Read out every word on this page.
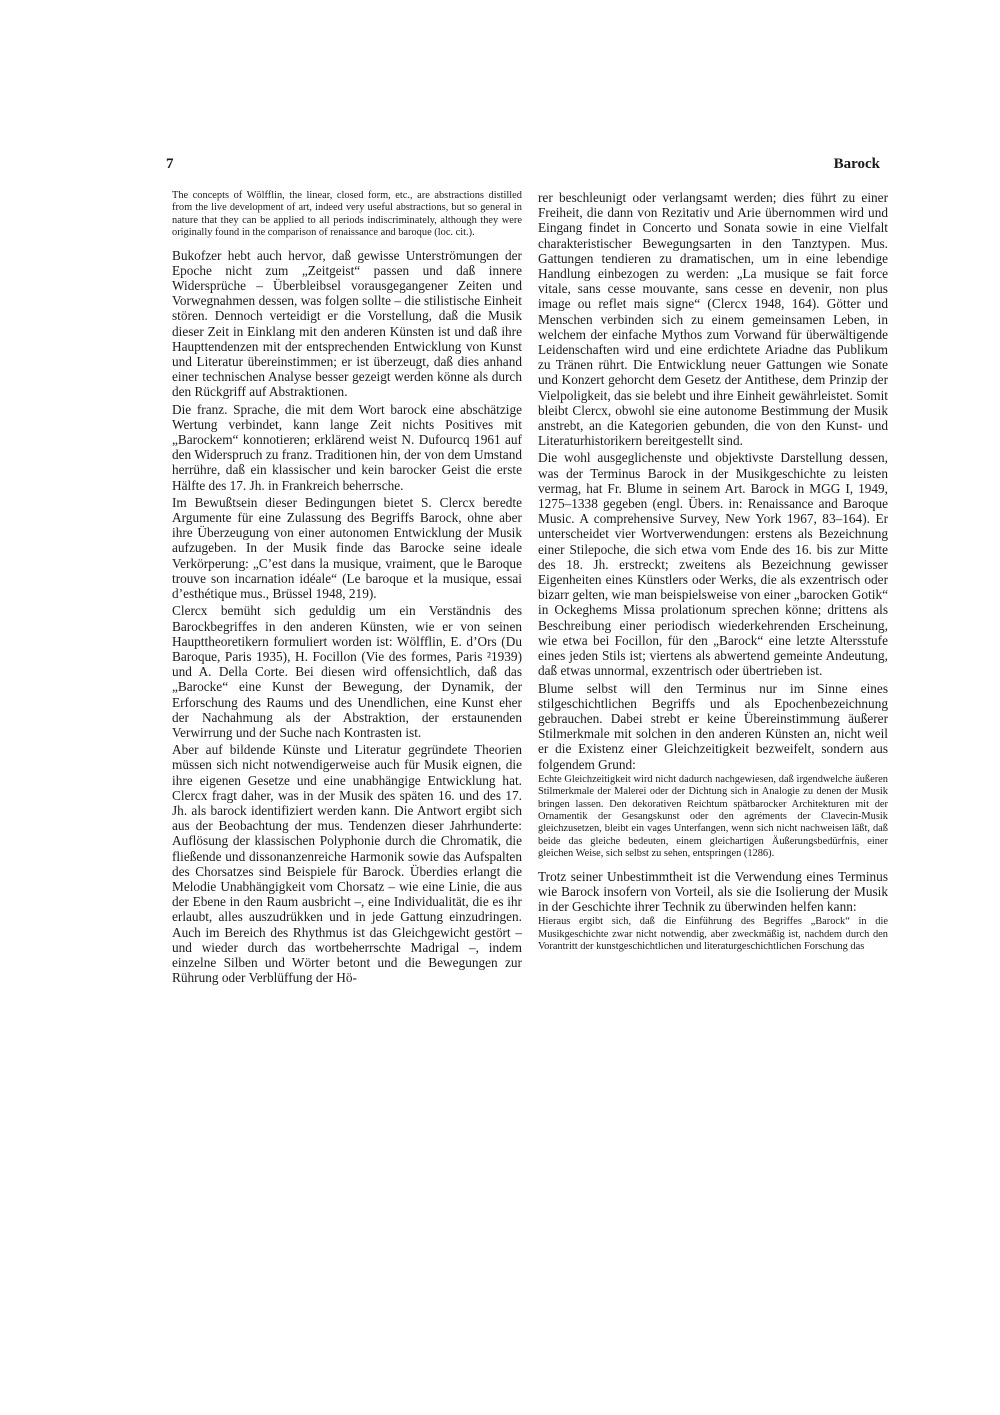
7	Barock

The concepts of Wölfflin, the linear, closed form, etc., are abstractions distilled from the live development of art, indeed very useful abstractions, but so general in nature that they can be applied to all periods indiscriminately, although they were originally found in the comparison of renaissance and baroque (loc. cit.).

Bukofzer hebt auch hervor, daß gewisse Unterströmungen der Epoche nicht zum „Zeitgeist“ passen und daß innere Widersprüche – Überbleibsel vorausgegangener Zeiten und Vorwegnahmen dessen, was folgen sollte – die stilistische Einheit stören. Dennoch verteidigt er die Vorstellung, daß die Musik dieser Zeit in Einklang mit den anderen Künsten ist und daß ihre Haupttendenzen mit der entsprechenden Entwicklung von Kunst und Literatur übereinstimmen; er ist überzeugt, daß dies anhand einer technischen Analyse besser gezeigt werden könne als durch den Rückgriff auf Abstraktionen.

Die franz. Sprache, die mit dem Wort barock eine abschätzige Wertung verbindet, kann lange Zeit nichts Positives mit „Barockem“ konnotieren; erklärend weist N. Dufourcq 1961 auf den Widerspruch zu franz. Traditionen hin, der von dem Umstand herrühre, daß ein klassischer und kein barocker Geist die erste Hälfte des 17. Jh. in Frankreich beherrsche.

Im Bewußtsein dieser Bedingungen bietet S. Clercx beredte Argumente für eine Zulassung des Begriffs Barock, ohne aber ihre Überzeugung von einer autonomen Entwicklung der Musik aufzugeben. In der Musik finde das Barocke seine ideale Verkörperung: „C’est dans la musique, vraiment, que le Baroque trouve son incarnation idéale“ (Le baroque et la musique, essai d’esthétique mus., Brüssel 1948, 219).

Clercx bemüht sich geduldig um ein Verständnis des Barockbegriffes in den anderen Künsten, wie er von seinen Haupttheoretikern formuliert worden ist: Wölfflin, E. d’Ors (Du Baroque, Paris 1935), H. Focillon (Vie des formes, Paris ²1939) und A. Della Corte. Bei diesen wird offensichtlich, daß das „Barocke“ eine Kunst der Bewegung, der Dynamik, der Erforschung des Raums und des Unendlichen, eine Kunst eher der Nachahmung als der Abstraktion, der erstaunenden Verwirrung und der Suche nach Kontrasten ist.

Aber auf bildende Künste und Literatur gegründete Theorien müssen sich nicht notwendigerweise auch für Musik eignen, die ihre eigenen Gesetze und eine unabhängige Entwicklung hat. Clercx fragt daher, was in der Musik des späten 16. und des 17. Jh. als barock identifiziert werden kann. Die Antwort ergibt sich aus der Beobachtung der mus. Tendenzen dieser Jahrhunderte: Auflösung der klassischen Polyphonie durch die Chromatik, die fließende und dissonanzenreiche Harmonik sowie das Aufspalten des Chorsatzes sind Beispiele für Barock. Überdies erlangt die Melodie Unabhängigkeit vom Chorsatz – wie eine Linie, die aus der Ebene in den Raum ausbricht –, eine Individualität, die es ihr erlaubt, alles auszudrükken und in jede Gattung einzudringen. Auch im Bereich des Rhythmus ist das Gleichgewicht gestört – und wieder durch das wortbeherrschte Madrigal –, indem einzelne Silben und Wörter betont und die Bewegungen zur Rührung oder Verblüffung der Hö-

rer beschleunigt oder verlangsamt werden; dies führt zu einer Freiheit, die dann von Rezitativ und Arie übernommen wird und Eingang findet in Concerto und Sonata sowie in eine Vielfalt charakteristischer Bewegungsarten in den Tanztypen. Mus. Gattungen tendieren zu dramatischen, um in eine lebendige Handlung einbezogen zu werden: „La musique se fait force vitale, sans cesse mouvante, sans cesse en devenir, non plus image ou reflet mais signe“ (Clercx 1948, 164). Götter und Menschen verbinden sich zu einem gemeinsamen Leben, in welchem der einfache Mythos zum Vorwand für überwältigende Leidenschaften wird und eine erdichtete Ariadne das Publikum zu Tränen rührt. Die Entwicklung neuer Gattungen wie Sonate und Konzert gehorcht dem Gesetz der Antithese, dem Prinzip der Vielpoligkeit, das sie belebt und ihre Einheit gewährleistet. Somit bleibt Clercx, obwohl sie eine autonome Bestimmung der Musik anstrebt, an die Kategorien gebunden, die von den Kunst- und Literaturhistorikern bereitgestellt sind.

Die wohl ausgeglichenste und objektivste Darstellung dessen, was der Terminus Barock in der Musikgeschichte zu leisten vermag, hat Fr. Blume in seinem Art. Barock in MGG I, 1949, 1275–1338 gegeben (engl. Übers. in: Renaissance and Baroque Music. A comprehensive Survey, New York 1967, 83–164). Er unterscheidet vier Wortverwendungen: erstens als Bezeichnung einer Stilepoche, die sich etwa vom Ende des 16. bis zur Mitte des 18. Jh. erstreckt; zweitens als Bezeichnung gewisser Eigenheiten eines Künstlers oder Werks, die als exzentrisch oder bizarr gelten, wie man beispielsweise von einer „barocken Gotik“ in Ockeghems Missa prolationum sprechen könne; drittens als Beschreibung einer periodisch wiederkehrenden Erscheinung, wie etwa bei Focillon, für den „Barock“ eine letzte Altersstufe eines jeden Stils ist; viertens als abwertend gemeinte Andeutung, daß etwas unnormal, exzentrisch oder übertrieben ist.

Blume selbst will den Terminus nur im Sinne eines stilgeschichtlichen Begriffs und als Epochenbezeichnung gebrauchen. Dabei strebt er keine Übereinstimmung äußerer Stilmerkmale mit solchen in den anderen Künsten an, nicht weil er die Existenz einer Gleichzeitigkeit bezweifelt, sondern aus folgendem Grund:

Echte Gleichzeitigkeit wird nicht dadurch nachgewiesen, daß irgendwelche äußeren Stilmerkmale der Malerei oder der Dichtung sich in Analogie zu denen der Musik bringen lassen. Den dekorativen Reichtum spätbarocker Architekturen mit der Ornamentik der Gesangskunst oder den agréments der Clavecin-Musik gleichzusetzen, bleibt ein vages Unterfangen, wenn sich nicht nachweisen läßt, daß beide das gleiche bedeuten, einem gleichartigen Äußerungsbedürfnis, einer gleichen Weise, sich selbst zu sehen, entspringen (1286).

Trotz seiner Unbestimmtheit ist die Verwendung eines Terminus wie Barock insofern von Vorteil, als sie die Isolierung der Musik in der Geschichte ihrer Technik zu überwinden helfen kann:

Hieraus ergibt sich, daß die Einführung des Begriffes „Barock“ in die Musikgeschichte zwar nicht notwendig, aber zweckmäßig ist, nachdem durch den Vorantritt der kunstgeschichtlichen und literaturgeschichtlichen Forschung das
